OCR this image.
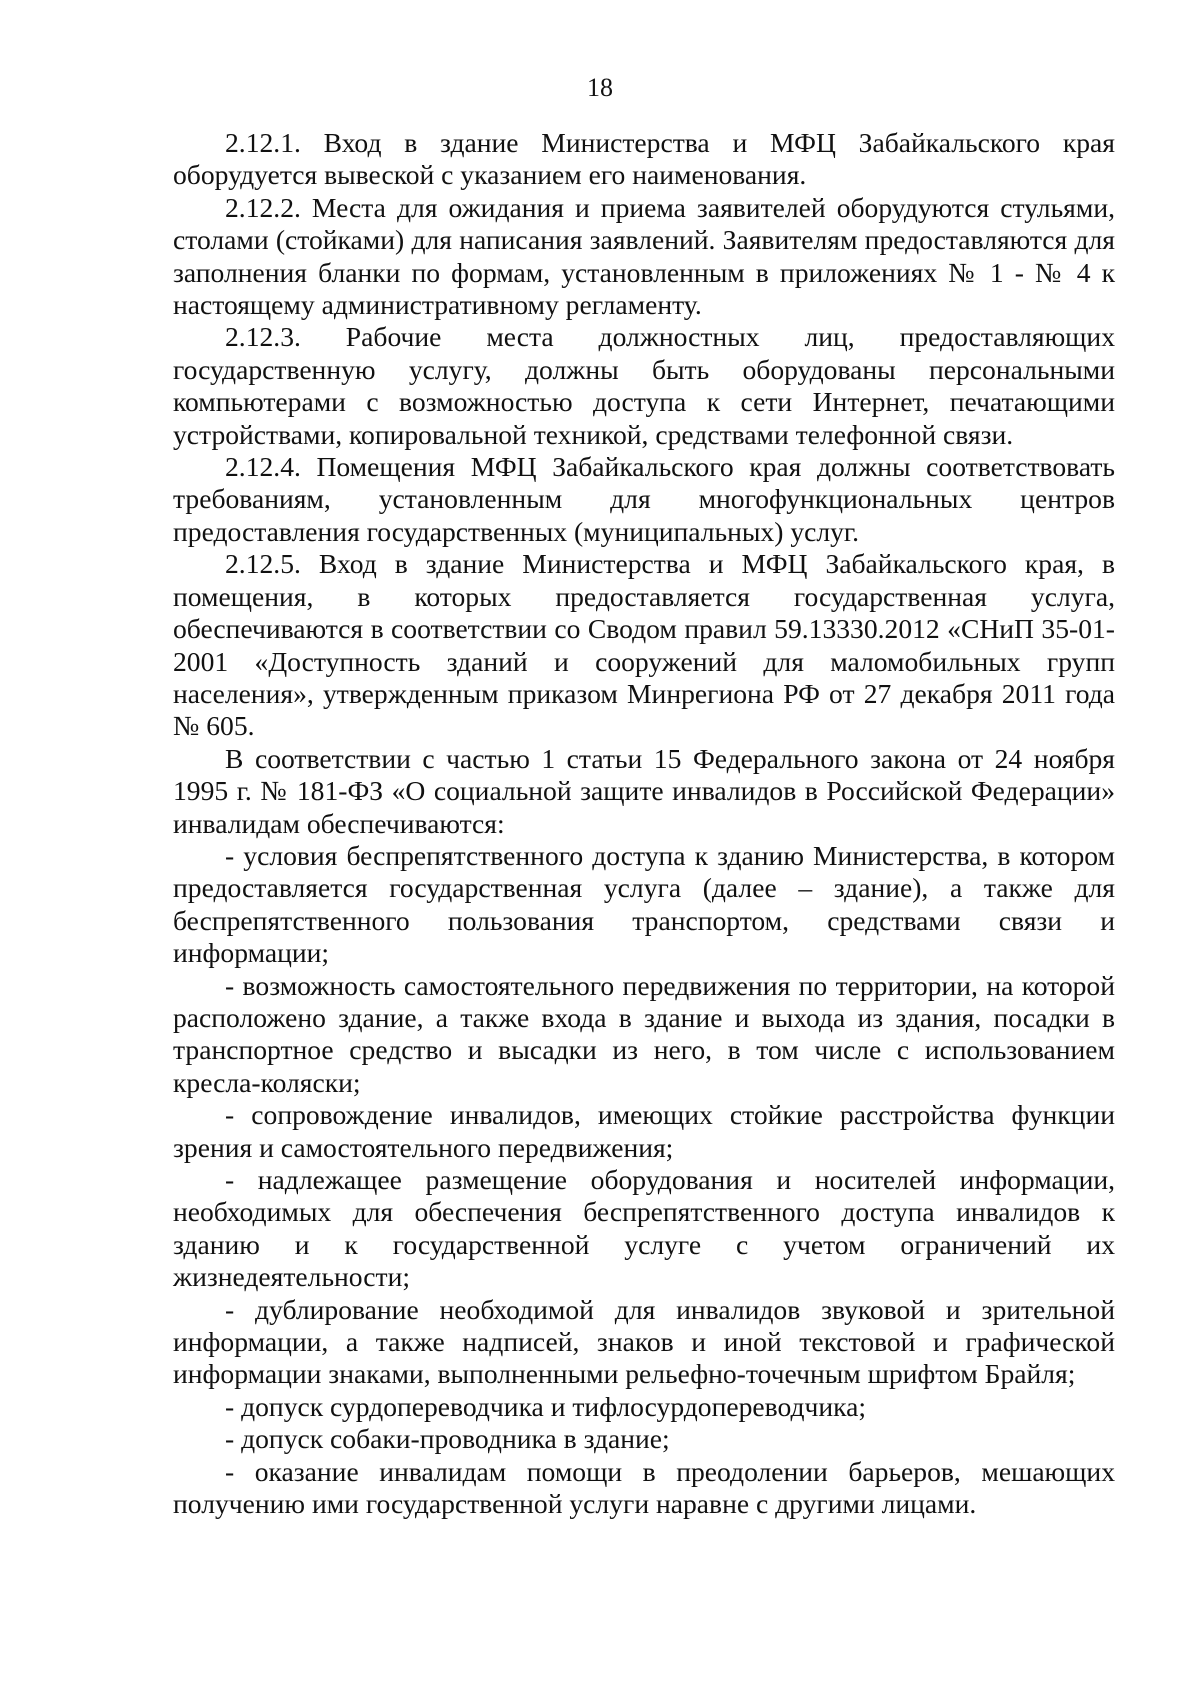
18

2.12.1. Вход в здание Министерства и МФЦ Забайкальского края оборудуется вывеской с указанием его наименования.

2.12.2. Места для ожидания и приема заявителей оборудуются стульями, столами (стойками) для написания заявлений. Заявителям предоставляются для заполнения бланки по формам, установленным в приложениях № 1 - № 4 к настоящему административному регламенту.

2.12.3. Рабочие места должностных лиц, предоставляющих государственную услугу, должны быть оборудованы персональными компьютерами с возможностью доступа к сети Интернет, печатающими устройствами, копировальной техникой, средствами телефонной связи.

2.12.4. Помещения МФЦ Забайкальского края должны соответствовать требованиям, установленным для многофункциональных центров предоставления государственных (муниципальных) услуг.

2.12.5. Вход в здание Министерства и МФЦ Забайкальского края, в помещения, в которых предоставляется государственная услуга, обеспечиваются в соответствии со Сводом правил 59.13330.2012 «СНиП 35-01-2001 «Доступность зданий и сооружений для маломобильных групп населения», утвержденным приказом Минрегиона РФ от 27 декабря 2011 года № 605.

В соответствии с частью 1 статьи 15 Федерального закона от 24 ноября 1995 г. № 181-ФЗ «О социальной защите инвалидов в Российской Федерации» инвалидам обеспечиваются:

- условия беспрепятственного доступа к зданию Министерства, в котором предоставляется государственная услуга (далее – здание), а также для беспрепятственного пользования транспортом, средствами связи и информации;

- возможность самостоятельного передвижения по территории, на которой расположено здание, а также входа в здание и выхода из здания, посадки в транспортное средство и высадки из него, в том числе с использованием кресла-коляски;

- сопровождение инвалидов, имеющих стойкие расстройства функции зрения и самостоятельного передвижения;

- надлежащее размещение оборудования и носителей информации, необходимых для обеспечения беспрепятственного доступа инвалидов к зданию и к государственной услуге с учетом ограничений их жизнедеятельности;

- дублирование необходимой для инвалидов звуковой и зрительной информации, а также надписей, знаков и иной текстовой и графической информации знаками, выполненными рельефно-точечным шрифтом Брайля;

- допуск сурдопереводчика и тифлосурдопереводчика;

- допуск собаки-проводника в здание;

- оказание инвалидам помощи в преодолении барьеров, мешающих получению ими государственной услуги наравне с другими лицами.
